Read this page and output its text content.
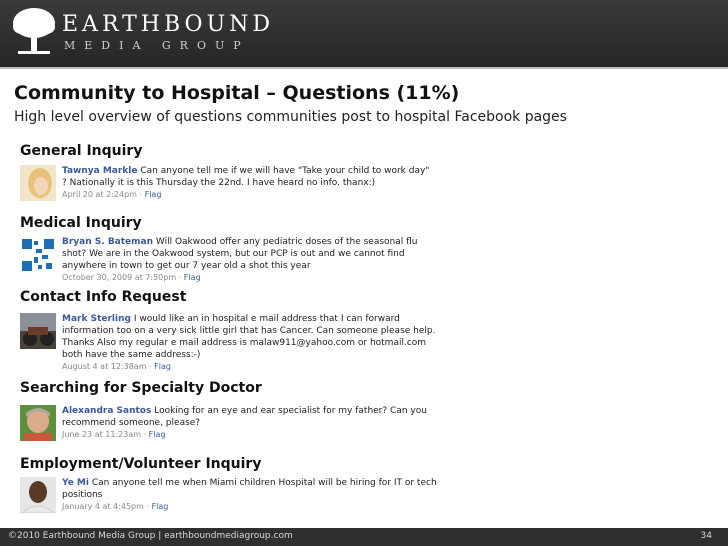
EARTHBOUND
MEDIA GROUP
Community to Hospital – Questions (11%)
High level overview of questions communities post to hospital Facebook pages
General Inquiry
Tawnya Markle Can anyone tell me if we will have "Take your child to work day"
? Nationally it is this Thursday the 22nd. I have heard no info. thanx:)
April 20 at 2:24pm · Flag
Medical Inquiry
Bryan S. Bateman Will Oakwood offer any pediatric doses of the seasonal flu
shot? We are in the Oakwood system, but our PCP is out and we cannot find
anywhere in town to get our 7 year old a shot this year
October 30, 2009 at 7:50pm · Flag
Contact Info Request
Mark Sterling I would like an in hospital e mail address that I can forward
information too on a very sick little girl that has Cancer. Can someone please help.
Thanks Also my regular e mail address is malaw911@yahoo.com or hotmail.com
both have the same address:-)
August 4 at 12:38am · Flag
Searching for Specialty Doctor
Alexandra Santos Looking for an eye and ear specialist for my father? Can you
recommend someone, please?
June 23 at 11:23am · Flag
Employment/Volunteer Inquiry
Ye Mi Can anyone tell me when Miami children Hospital will be hiring for IT or tech
positions
January 4 at 4:45pm · Flag
©2010 Earthbound Media Group | earthboundmediagroup.com	34
